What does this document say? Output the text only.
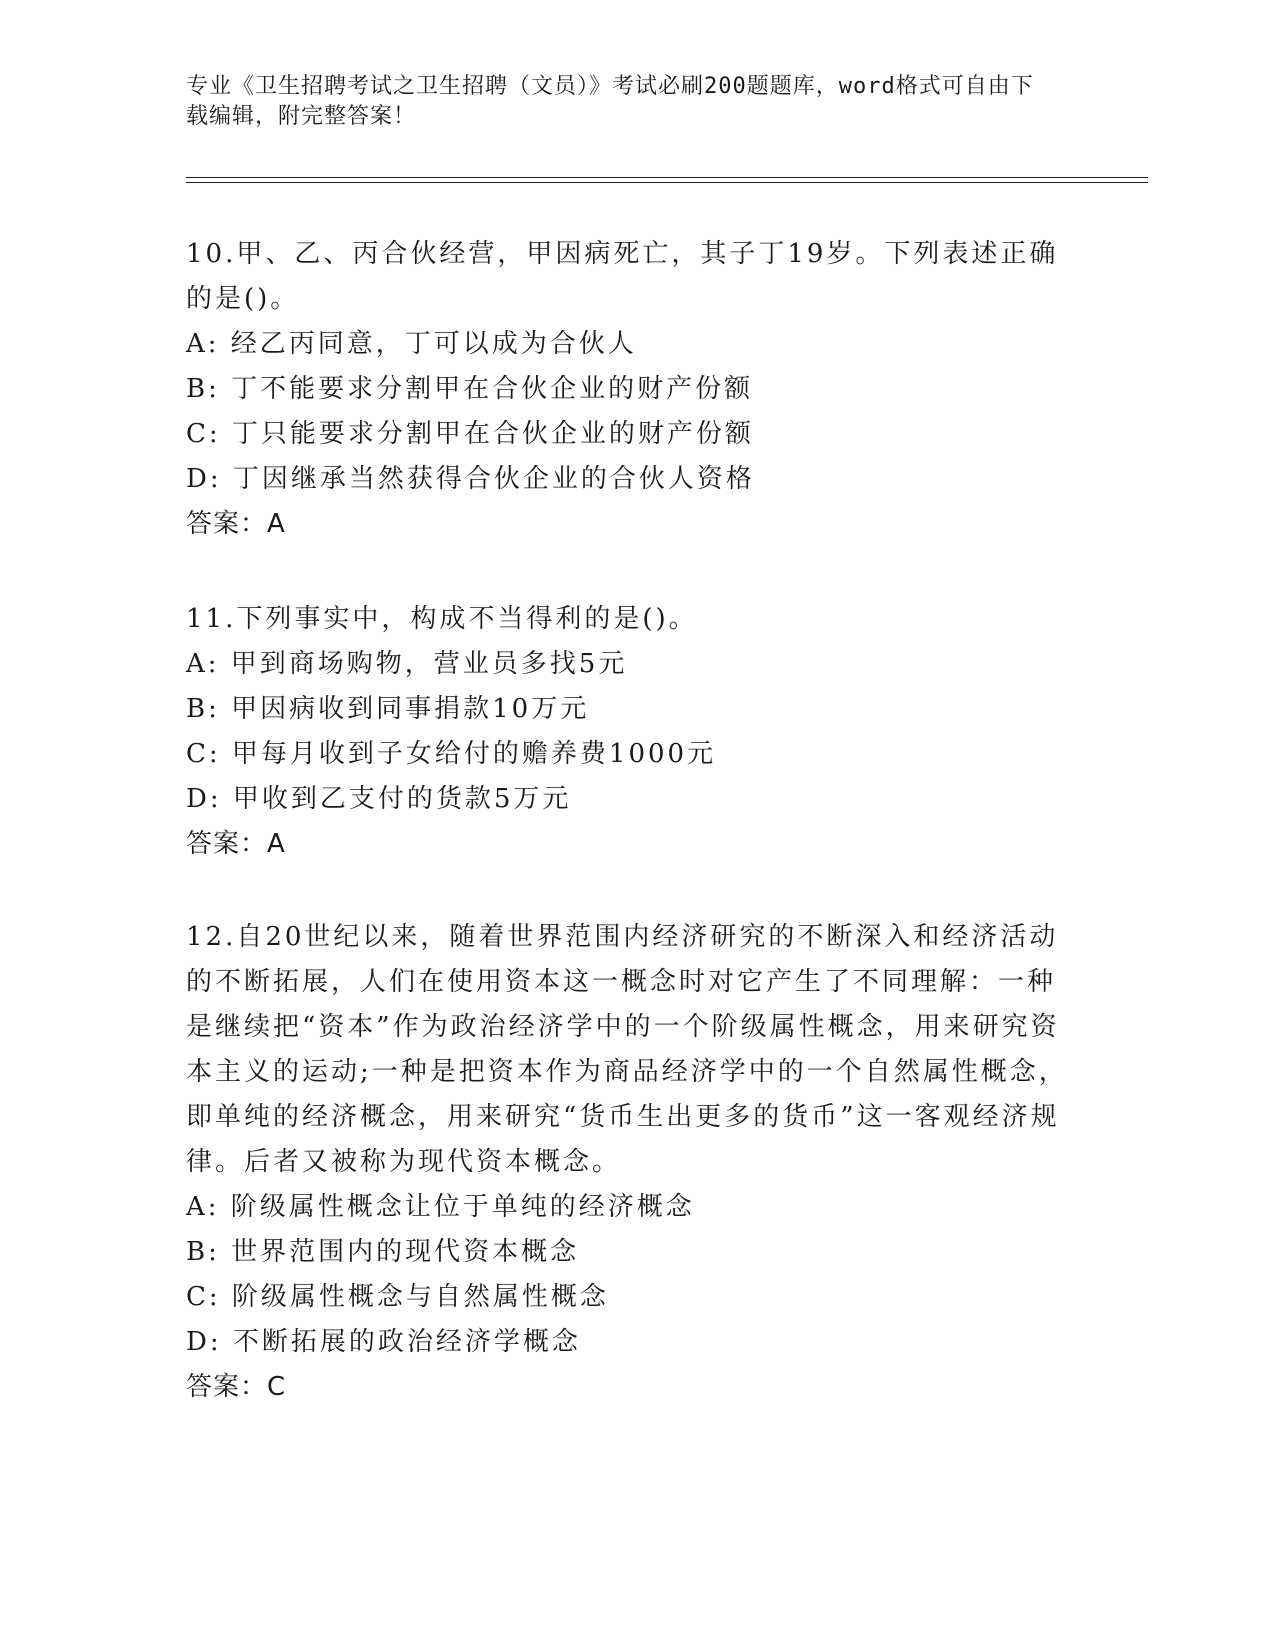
专业《卫生招聘考试之卫生招聘（文员）》考试必刷200题题库，word格式可自由下载编辑，附完整答案！

10.甲、乙、丙合伙经营，甲因病死亡，其子丁19岁。下列表述正确的是()。

A: 经乙丙同意，丁可以成为合伙人

B: 丁不能要求分割甲在合伙企业的财产份额

C: 丁只能要求分割甲在合伙企业的财产份额

D: 丁因继承当然获得合伙企业的合伙人资格

答案：A

11.下列事实中，构成不当得利的是()。

A: 甲到商场购物，营业员多找5元

B: 甲因病收到同事捐款10万元

C: 甲每月收到子女给付的赡养费1000元

D: 甲收到乙支付的货款5万元

答案：A

12.自20世纪以来，随着世界范围内经济研究的不断深入和经济活动的不断拓展，人们在使用资本这一概念时对它产生了不同理解：一种是继续把“资本”作为政治经济学中的一个阶级属性概念，用来研究资本主义的运动;一种是把资本作为商品经济学中的一个自然属性概念，即单纯的经济概念，用来研究“货币生出更多的货币”这一客观经济规律。后者又被称为现代资本概念。

A: 阶级属性概念让位于单纯的经济概念

B: 世界范围内的现代资本概念

C: 阶级属性概念与自然属性概念

D: 不断拓展的政治经济学概念

答案：C
